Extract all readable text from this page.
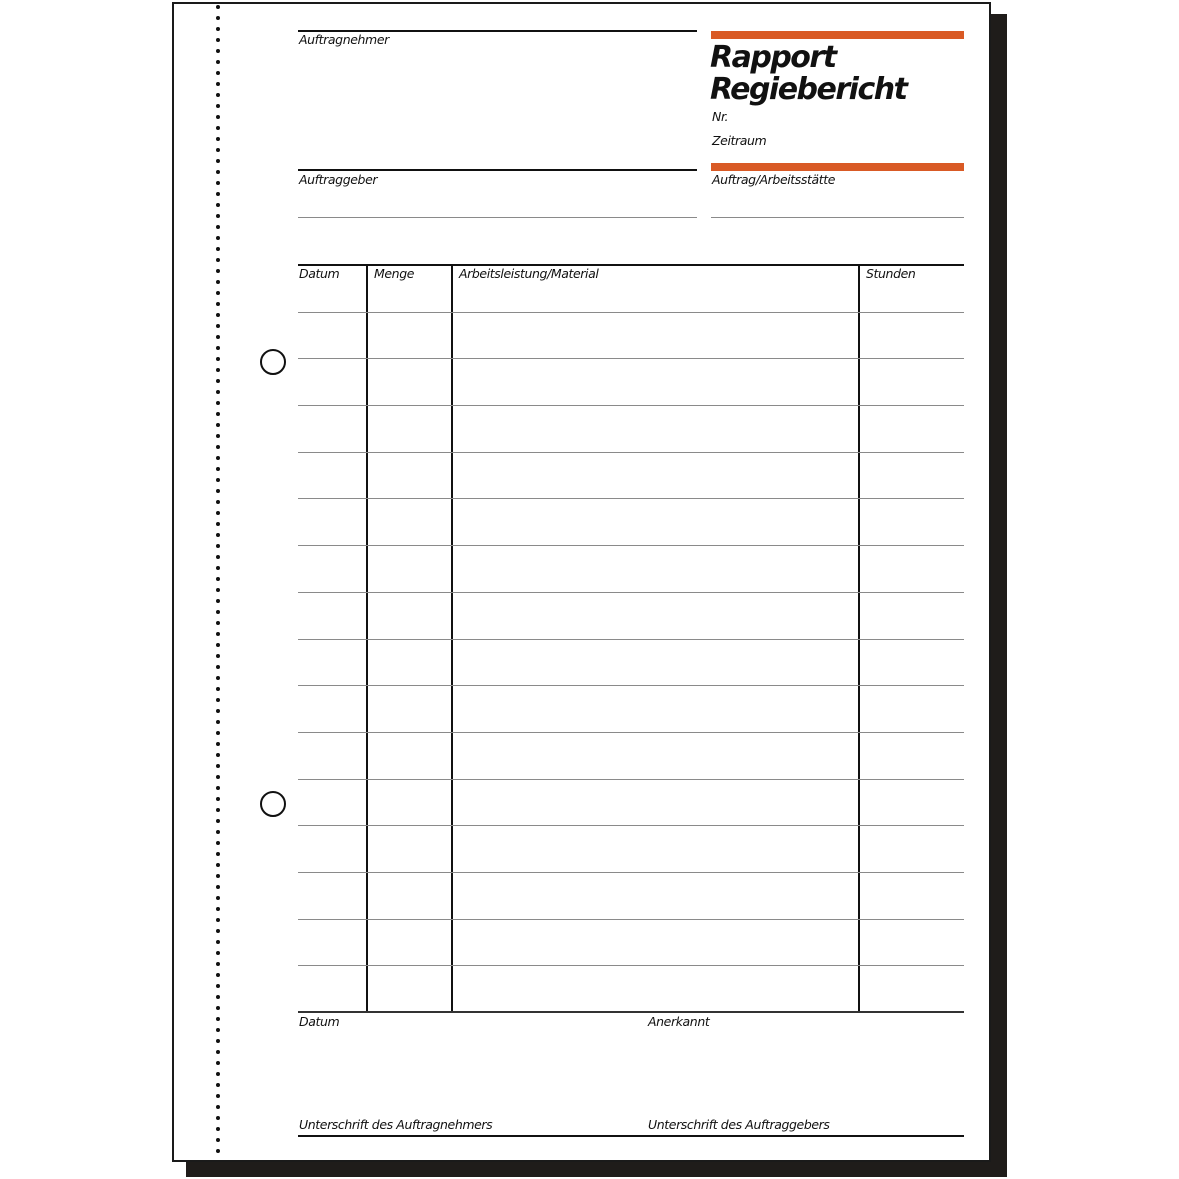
Auftragnehmer
Auftraggeber
Rapport
Regiebericht
Nr.
Zeitraum
Auftrag/Arbeitsstätte
Datum	Menge	Arbeitsleistung/Material	Stunden
Datum	Anerkannt
Unterschrift des Auftragnehmers	Unterschrift des Auftraggebers
